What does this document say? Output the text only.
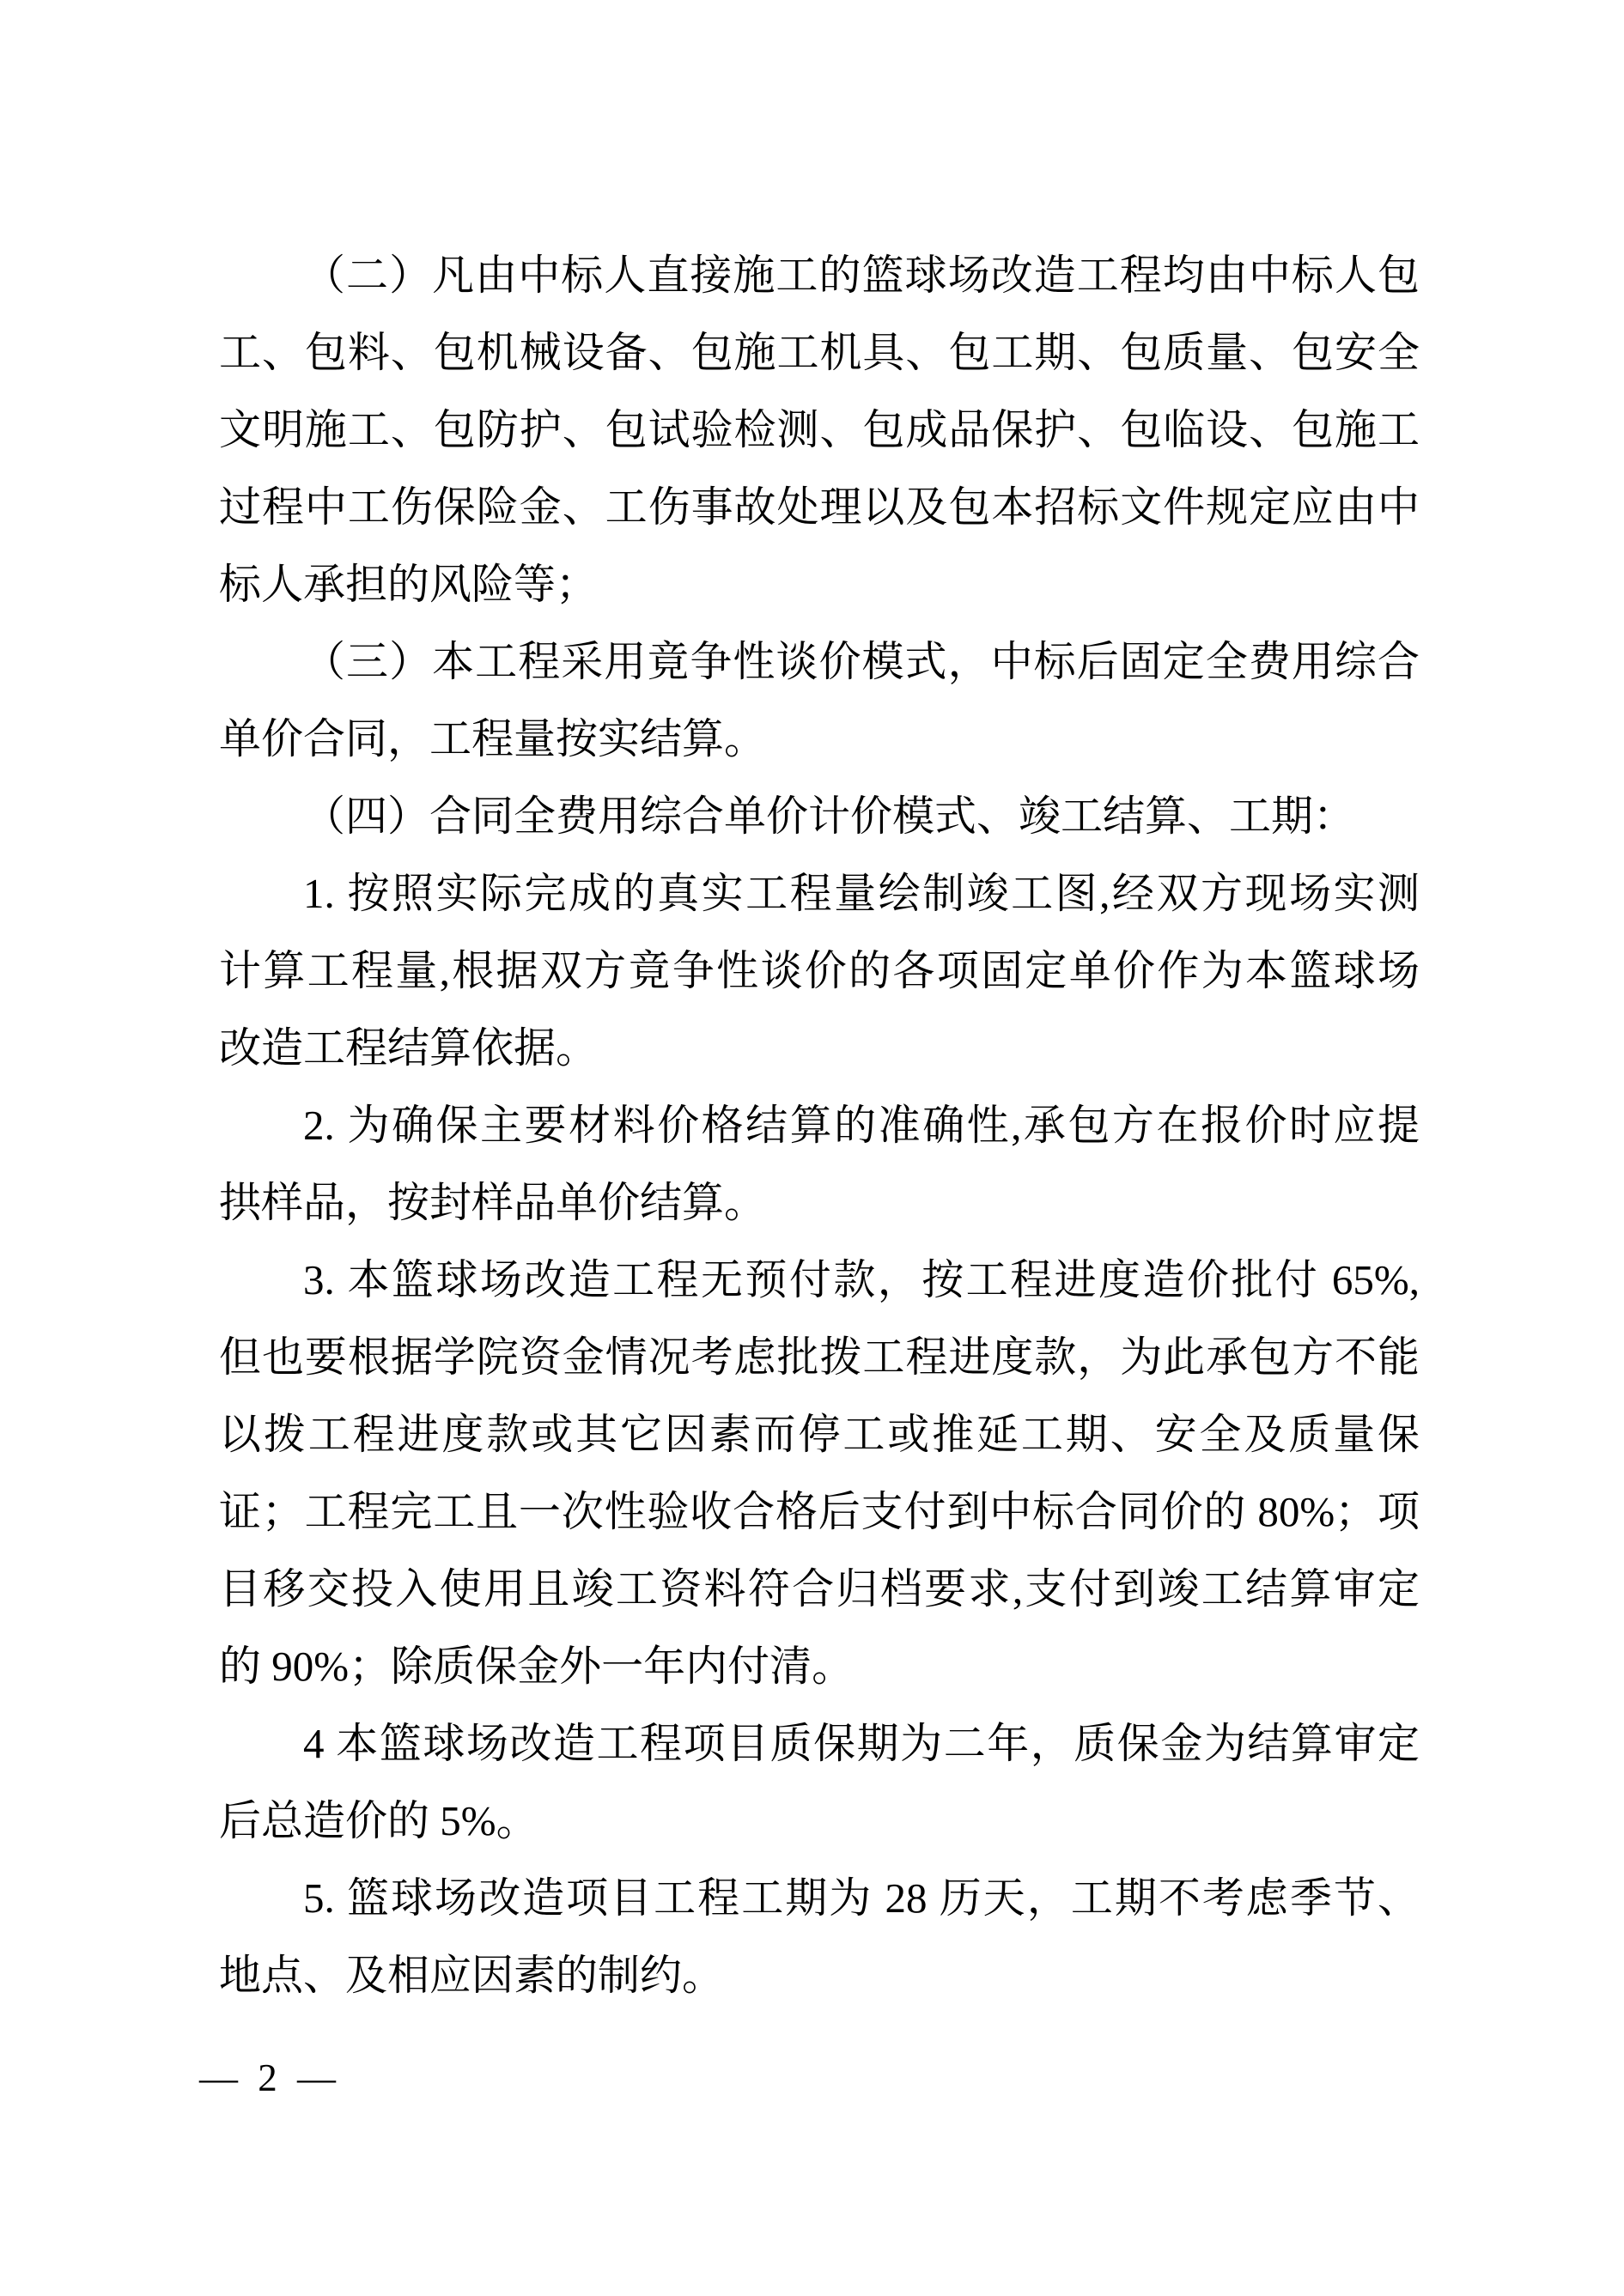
（二）凡由中标人直接施工的篮球场改造工程均由中标人包
工、包料、包机械设备、包施工机具、包工期、包质量、包安全
文明施工、包防护、包试验检测、包成品保护、包临设、包施工
过程中工伤保险金、工伤事故处理以及包本招标文件规定应由中
标人承担的风险等；
（三）本工程采用竟争性谈价模式，中标后固定全费用综合
单价合同，工程量按实结算。
（四）合同全费用综合单价计价模式、竣工结算、工期：
1. 按照实际完成的真实工程量绘制竣工图,经双方现场实测
计算工程量,根据双方竟争性谈价的各项固定单价作为本篮球场
改造工程结算依据。
2. 为确保主要材料价格结算的准确性,承包方在报价时应提
拱样品，按封样品单价结算。
3. 本篮球场改造工程无预付款，按工程进度造价批付 65%,
但也要根据学院资金情况考虑批拨工程进度款，为此承包方不能
以拨工程进度款或其它因素而停工或推延工期、安全及质量保
证；工程完工且一次性验收合格后支付到中标合同价的 80%；项
目移交投入使用且竣工资料符合归档要求,支付到竣工结算审定
的 90%；除质保金外一年内付清。
4 本篮球场改造工程项目质保期为二年，质保金为结算审定
后总造价的 5%。
5. 篮球场改造项目工程工期为 28 历天，工期不考虑季节、
地点、及相应因素的制约。
— 2 —
